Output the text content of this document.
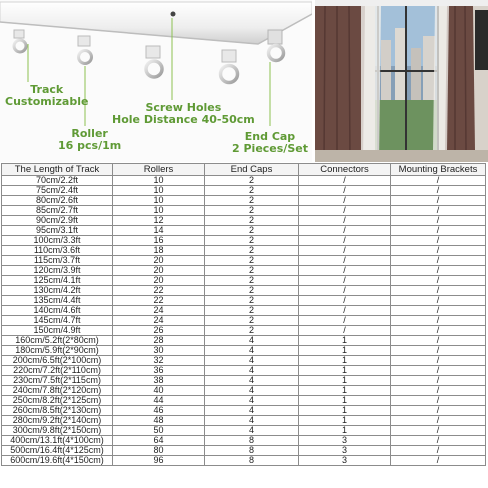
Track
Customizable
Roller
16 pcs/1m
Screw Holes
Hole Distance 40-50cm
End Cap
2 Pieces/Set
The Length of Track	Rollers	End Caps	Connectors	Mounting Brackets
70cm/2.2ft	10	2	/	/
75cm/2.4ft	10	2	/	/
80cm/2.6ft	10	2	/	/
85cm/2.7ft	10	2	/	/
90cm/2.9ft	12	2	/	/
95cm/3.1ft	14	2	/	/
100cm/3.3ft	16	2	/	/
110cm/3.6ft	18	2	/	/
115cm/3.7ft	20	2	/	/
120cm/3.9ft	20	2	/	/
125cm/4.1ft	20	2	/	/
130cm/4.2ft	22	2	/	/
135cm/4.4ft	22	2	/	/
140cm/4.6ft	24	2	/	/
145cm/4.7ft	24	2	/	/
150cm/4.9ft	26	2	/	/
160cm/5.2ft(2*80cm)	28	4	1	/
180cm/5.9ft(2*90cm)	30	4	1	/
200cm/6.5ft(2*100cm)	32	4	1	/
220cm/7.2ft(2*110cm)	36	4	1	/
230cm/7.5ft(2*115cm)	38	4	1	/
240cm/7.8ft(2*120cm)	40	4	1	/
250cm/8.2ft(2*125cm)	44	4	1	/
260cm/8.5ft(2*130cm)	46	4	1	/
280cm/9.2ft(2*140cm)	48	4	1	/
300cm/9.8ft(2*150cm)	50	4	1	/
400cm/13.1ft(4*100cm)	64	8	3	/
500cm/16.4ft(4*125cm)	80	8	3	/
600cm/19.6ft(4*150cm)	96	8	3	/
